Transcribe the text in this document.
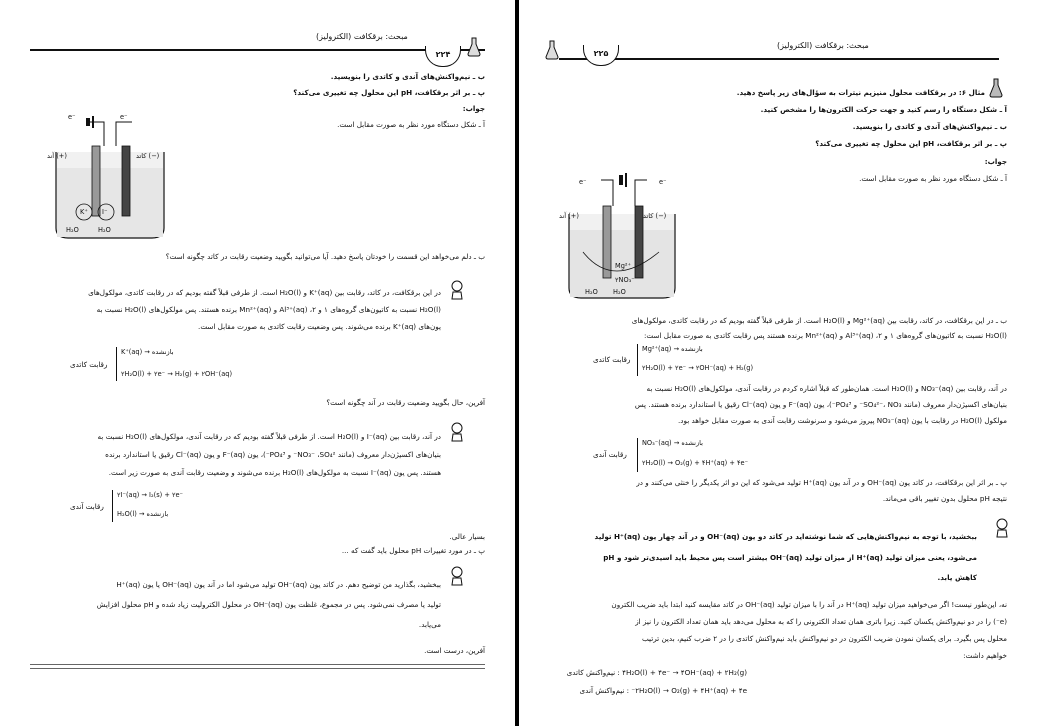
مبحث: برقکافت (الکترولیز)
۲۲۴
ب ـ نیم‌واکنش‌های آندی و کاتدی را بنویسید.
پ ـ بر اثر برقکافت، pH این محلول چه تغییری می‌کند؟
جواب:
آ ـ شکل دستگاه مورد نظر به صورت مقابل است.
e⁻	e⁻
آند (+)	کاتد (−)
K⁺ I⁻
H₂O	H₂O
ب ـ دلم می‌خواهد این قسمت را خودتان پاسخ دهید. آیا می‌توانید بگویید وضعیت رقابت در کاتد چگونه است؟
در این برقکافت، در کاتد، رقابت بین K⁺(aq) و H₂O(l) است. از طرفی قبلاً گفته بودیم که در رقابت کاتدی، مولکول‌های
H₂O(l) نسبت به کاتیون‌های گروه‌های ۱ و ۲، Al³⁺(aq) و Mn²⁺(aq) برنده هستند. پس مولکول‌های H₂O(l) نسبت به
یون‌های K⁺(aq) برنده می‌شوند. پس وضعیت رقابت کاتدی به صورت مقابل است.
رقابت کاتدی
K⁺(aq) → بازنشده
۲H₂O(l) + ۲e⁻ → H₂(g) + ۲OH⁻(aq)
آفرین، حال بگویید وضعیت رقابت در آند چگونه است؟
در آند، رقابت بین I⁻(aq) و H₂O(l) است. از طرفی قبلاً گفته بودیم که در رقابت آندی، مولکول‌های H₂O(l) نسبت به
بنیان‌های اکسیژن‌دار معروف (مانند NO₃⁻ ،SO₄²⁻ و PO₄³⁻)، یون F⁻(aq) و یون Cl⁻(aq) رقیق یا استاندارد برنده
هستند. پس یون I⁻(aq) نسبت به مولکول‌های H₂O(l) برنده می‌شوند و وضعیت رقابت آندی به صورت زیر است.
رقابت آندی
۲I⁻(aq) → I₂(s) + ۲e⁻
H₂O(l) → بازنشده
بسیار عالی.
پ ـ در مورد تغییرات pH محلول باید گفت که ...
ببخشید، بگذارید من توضیح دهم. در کاتد یون OH⁻(aq) تولید می‌شود اما در آند یون OH⁻(aq) یا یون H⁺(aq)
تولید یا مصرف نمی‌شود. پس در مجموع، غلظت یون OH⁻(aq) در محلول الکترولیت زیاد شده و pH محلول افزایش
می‌یابد.
آفرین، درست است.
مبحث: برقکافت (الکترولیز)
۲۲۵
مثال ۶: در برقکافت محلول منیزیم نیترات به سؤال‌های زیر پاسخ دهید.
آ ـ شکل دستگاه را رسم کنید و جهت حرکت الکترون‌ها را مشخص کنید.
ب ـ نیم‌واکنش‌های آندی و کاتدی را بنویسید.
پ ـ بر اثر برقکافت، pH این محلول چه تغییری می‌کند؟
جواب:
آ ـ شکل دستگاه مورد نظر به صورت مقابل است.
e⁻	e⁻
آند (+)	کاتد (−)
Mg²⁺
۲NO₃⁻
H₂O H₂O
ب ـ در این برقکافت، در کاتد، رقابت بین Mg²⁺(aq) و H₂O(l) است. از طرفی قبلاً گفته بودیم که در رقابت کاتدی، مولکول‌های
H₂O(l) نسبت به کاتیون‌های گروه‌های ۱ و ۲، Al³⁺(aq) و Mn²⁺(aq) برنده هستند پس رقابت کاتدی به صورت مقابل است:
رقابت کاتدی
Mg²⁺(aq) → بازنشده
۲H₂O(l) + ۲e⁻ → ۲OH⁻(aq) + H₂(g)
در آند، رقابت بین NO₃⁻(aq) و H₂O(l) است. همان‌طور که قبلاً اشاره کردم در رقابت آندی، مولکول‌های H₂O(l) نسبت به
بنیان‌های اکسیژن‌دار معروف (مانند SO₄²⁻، NO₃⁻ و PO₄³⁻)، یون F⁻(aq) و یون Cl⁻(aq) رقیق یا استاندارد برنده هستند. پس
مولکول H₂O(l) در رقابت با یون NO₃⁻(aq) پیروز می‌شود و سرنوشت رقابت آندی به صورت مقابل خواهد بود.
رقابت آندی
NO₃⁻(aq) → بازنشده
۲H₂O(l) → O₂(g) + ۴H⁺(aq) + ۴e⁻
پ ـ بر اثر این برقکافت، در کاتد یون OH⁻(aq) و در آند یون H⁺(aq) تولید می‌شود که این دو اثر یکدیگر را خنثی می‌کنند و در
نتیجه pH محلول بدون تغییر باقی می‌ماند.
ببخشید، با توجه به نیم‌واکنش‌هایی که شما نوشته‌اید در کاتد دو یون OH⁻(aq) و در آند چهار یون H⁺(aq) تولید
می‌شود، یعنی میزان تولید H⁺(aq) از میزان تولید OH⁻(aq) بیشتر است پس محیط باید اسیدی‌تر شود و pH
کاهش یابد.
نه، این‌طور نیست! اگر می‌خواهید میزان تولید H⁺(aq) در آند را با میزان تولید OH⁻(aq) در کاتد مقایسه کنید ابتدا باید ضریب الکترون
(e⁻) را در دو نیم‌واکنش یکسان کنید. زیرا باتری همان تعداد الکترونی را که به محلول می‌دهد باید همان تعداد الکترون را نیز از
محلول پس بگیرد. برای یکسان نمودن ضریب الکترون در دو نیم‌واکنش باید نیم‌واکنش کاتدی را در ۲ ضرب کنیم، بدین ترتیب
خواهیم داشت:
۴H₂O(l) + ۴e⁻ → ۴OH⁻(aq) + ۲H₂(g) : نیم‌واکنش کاتدی
۲H₂O(l) → O₂(g) + ۴H⁺(aq) + ۴e⁻ : نیم‌واکنش آندی
